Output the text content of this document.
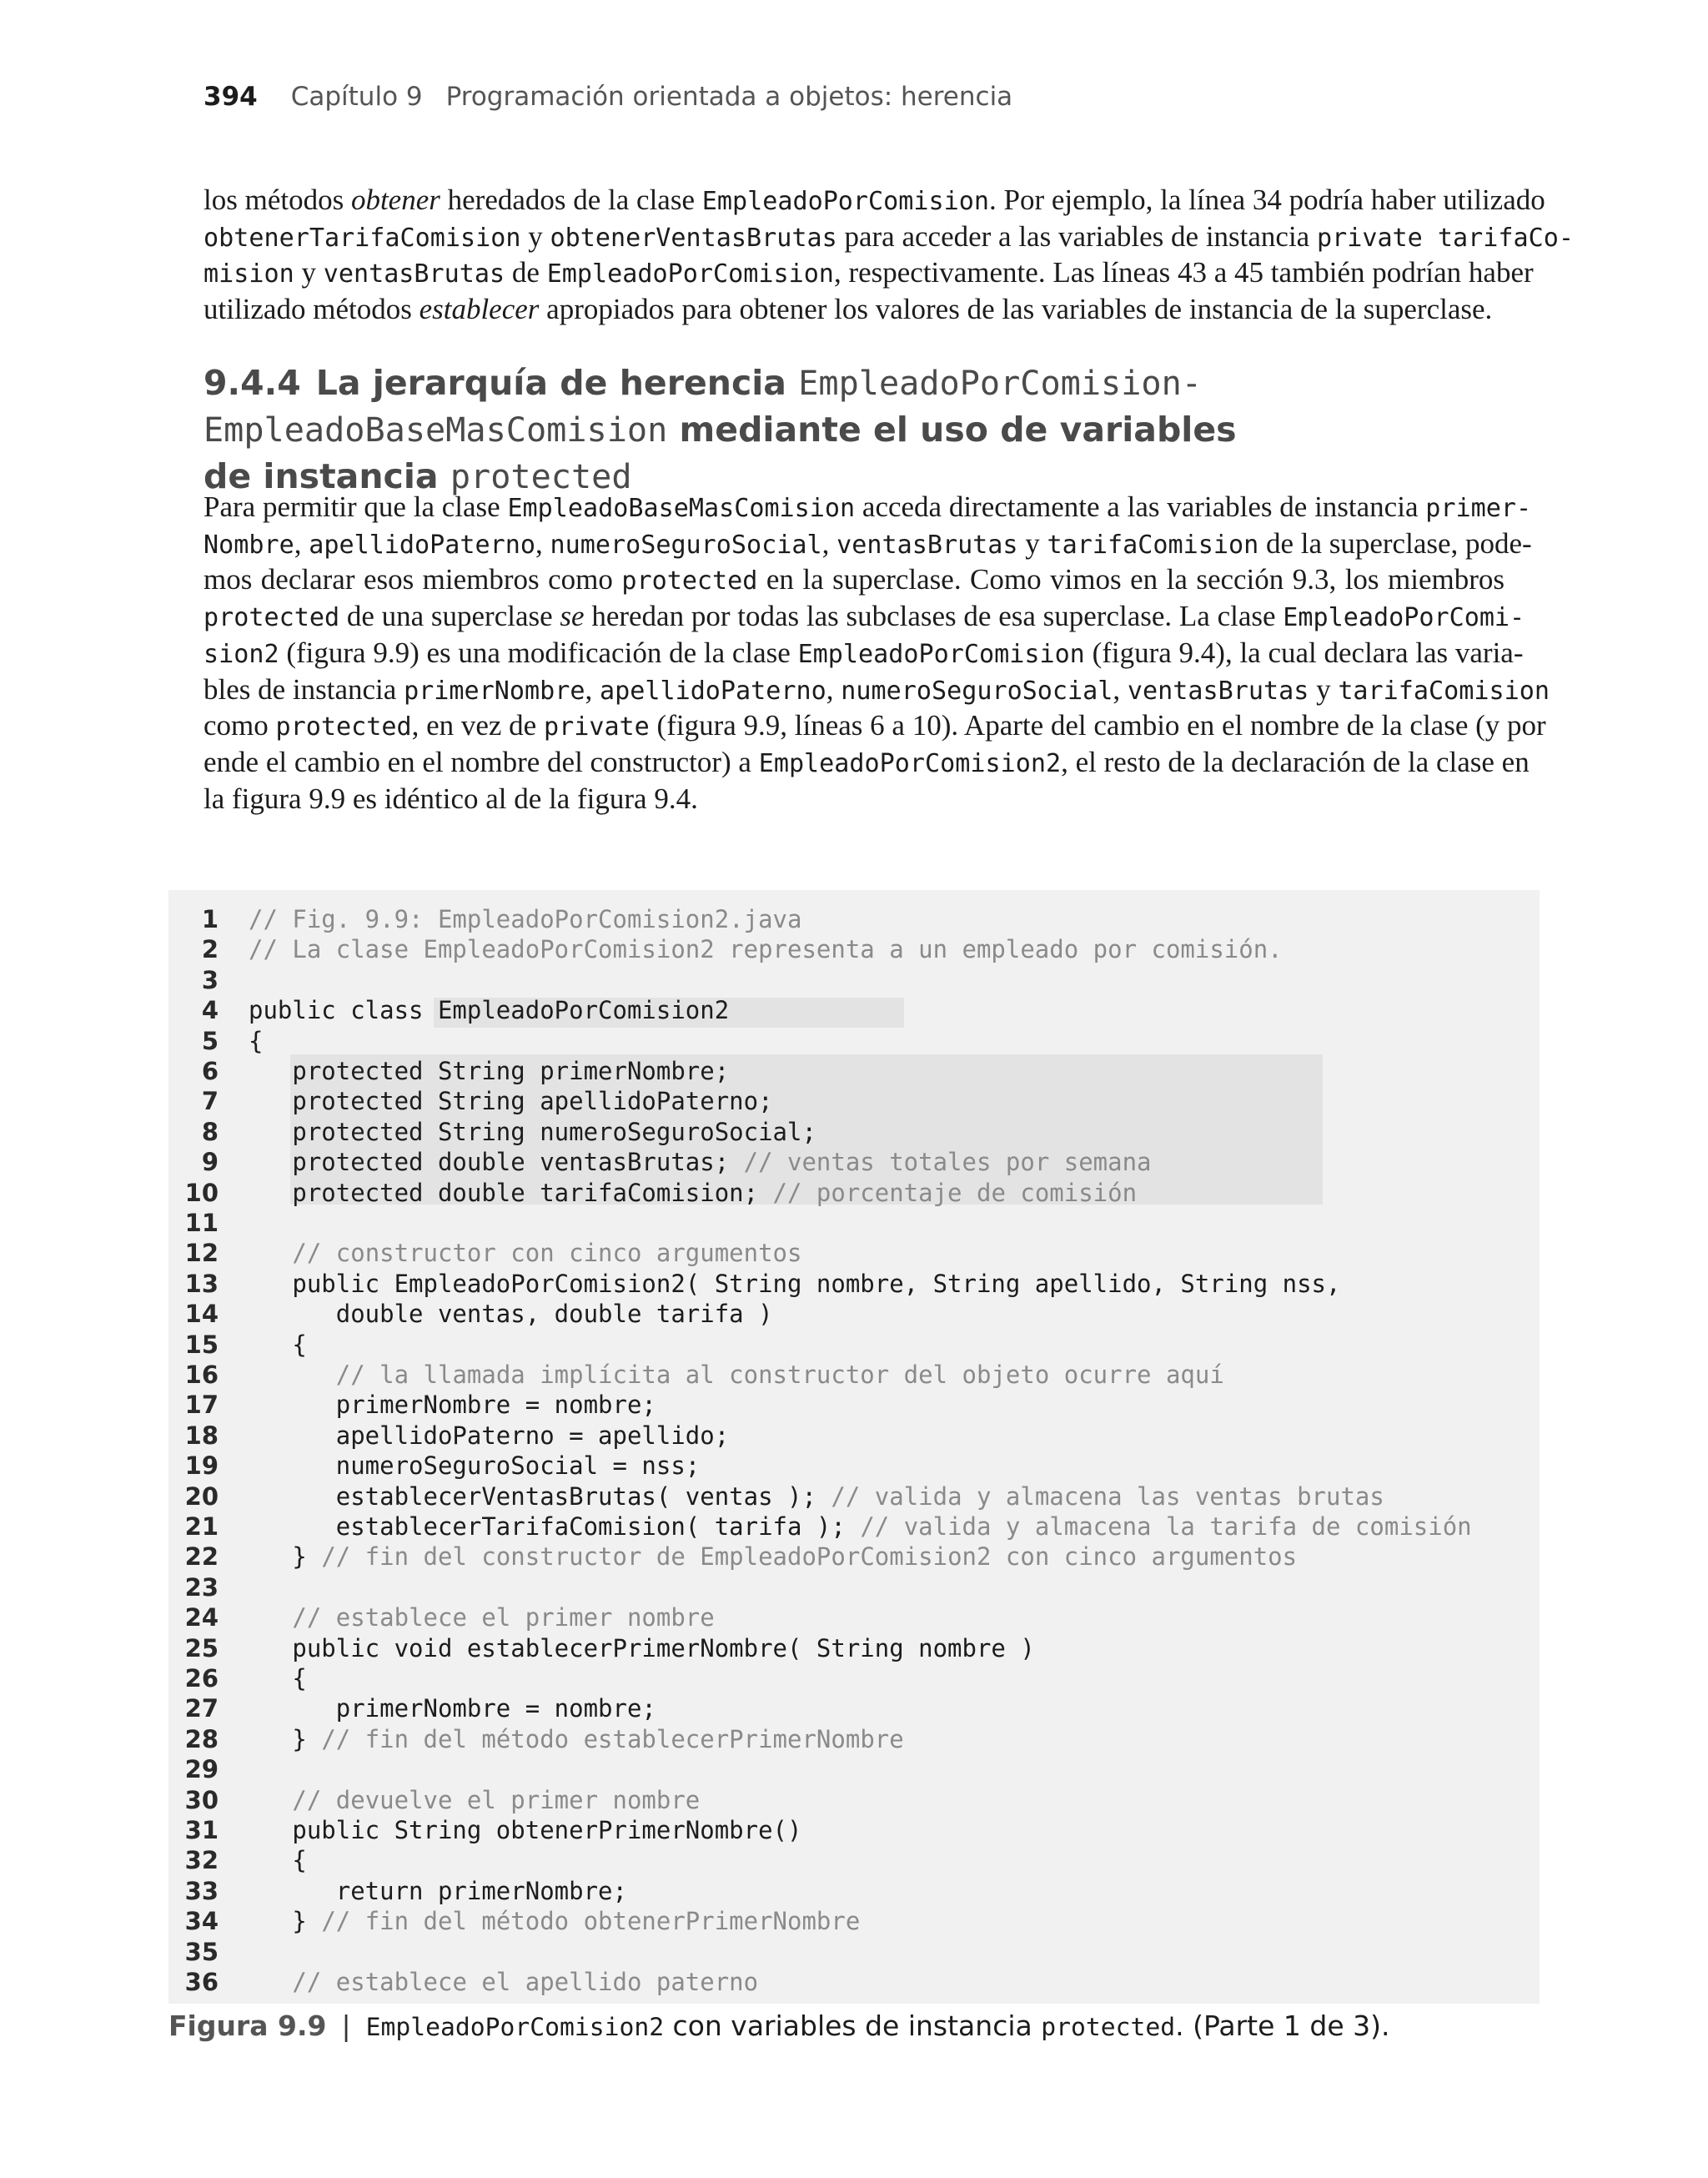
394 Capítulo 9 Programación orientada a objetos: herencia
los métodos obtener heredados de la clase EmpleadoPorComision. Por ejemplo, la línea 34 podría haber utilizado
obtenerTarifaComision y obtenerVentasBrutas para acceder a las variables de instancia private tarifaCo-
mision y ventasBrutas de EmpleadoPorComision, respectivamente. Las líneas 43 a 45 también podrían haber
utilizado métodos establecer apropiados para obtener los valores de las variables de instancia de la superclase.
9.4.4 La jerarquía de herencia EmpleadoPorComision-
EmpleadoBaseMasComision mediante el uso de variables
de instancia protected
Para permitir que la clase EmpleadoBaseMasComision acceda directamente a las variables de instancia primer-
Nombre, apellidoPaterno, numeroSeguroSocial, ventasBrutas y tarifaComision de la superclase, pode-
mos declarar esos miembros como protected en la superclase. Como vimos en la sección 9.3, los miembros
protected de una superclase se heredan por todas las subclases de esa superclase. La clase EmpleadoPorComi-
sion2 (figura 9.9) es una modificación de la clase EmpleadoPorComision (figura 9.4), la cual declara las varia-
bles de instancia primerNombre, apellidoPaterno, numeroSeguroSocial, ventasBrutas y tarifaComision
como protected, en vez de private (figura 9.9, líneas 6 a 10). Aparte del cambio en el nombre de la clase (y por
ende el cambio en el nombre del constructor) a EmpleadoPorComision2, el resto de la declaración de la clase en
la figura 9.9 es idéntico al de la figura 9.4.
1 // Fig. 9.9: EmpleadoPorComision2.java
2 // La clase EmpleadoPorComision2 representa a un empleado por comisión.
3
4 public class EmpleadoPorComision2
5 {
6   protected String primerNombre;
7   protected String apellidoPaterno;
8   protected String numeroSeguroSocial;
9   protected double ventasBrutas; // ventas totales por semana
10   protected double tarifaComision; // porcentaje de comisión
11
12	// constructor con cinco argumentos
13   public EmpleadoPorComision2( String nombre, String apellido, String nss,
14      double ventas, double tarifa )
15   {
16	// la llamada implícita al constructor del objeto ocurre aquí
17      primerNombre = nombre;
18      apellidoPaterno = apellido;
19      numeroSeguroSocial = nss;
20      establecerVentasBrutas( ventas ); // valida y almacena las ventas brutas
21      establecerTarifaComision( tarifa ); // valida y almacena la tarifa de comisión
22   } // fin del constructor de EmpleadoPorComision2 con cinco argumentos
23
24	// establece el primer nombre
25   public void establecerPrimerNombre( String nombre )
26   {
27      primerNombre = nombre;
28   } // fin del método establecerPrimerNombre
29
30	// devuelve el primer nombre
31   public String obtenerPrimerNombre()
32   {
33      return primerNombre;
34   } // fin del método obtenerPrimerNombre
35
36	// establece el apellido paterno
Figura 9.9 | EmpleadoPorComision2 con variables de instancia protected. (Parte 1 de 3).
